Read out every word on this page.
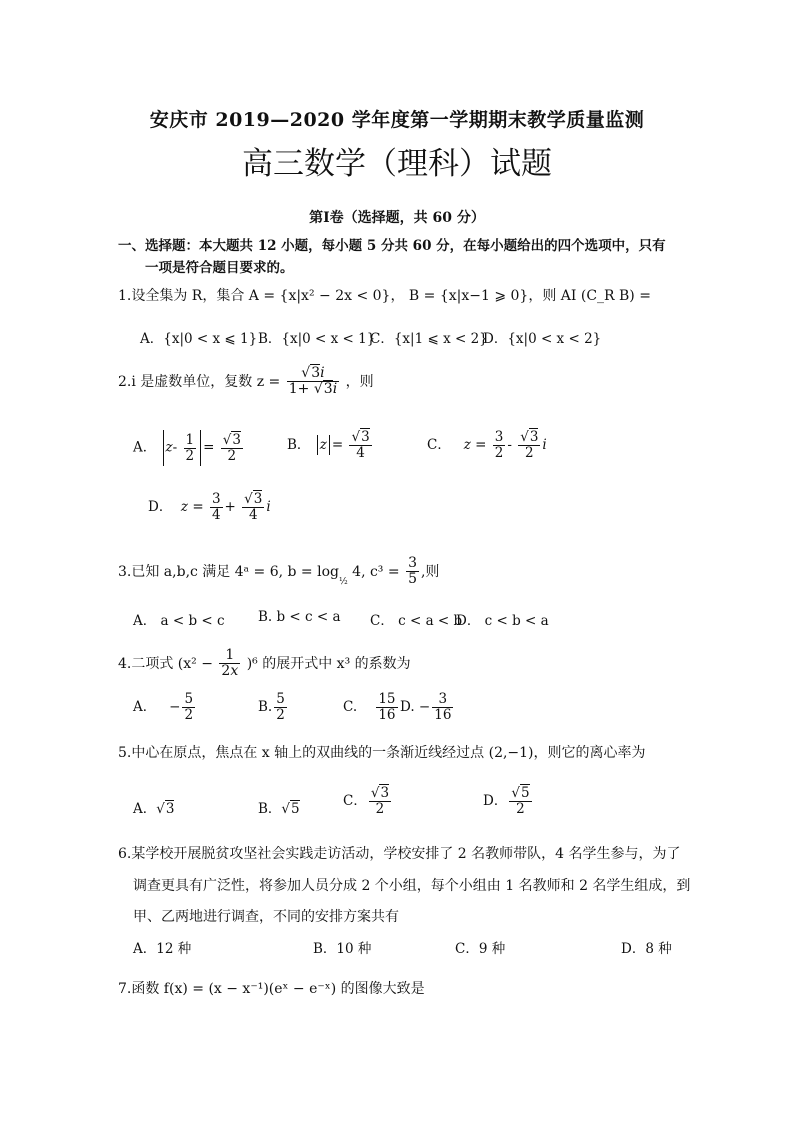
安庆市 2019—2020 学年度第一学期期末教学质量监测
高三数学（理科）试题
第Ⅰ卷（选择题，共 60 分）
一、选择题：本大题共 12 小题，每小题 5 分共 60 分，在每小题给出的四个选项中，只有
一项是符合题目要求的。
1.设全集为 R，集合 A = {x|x² − 2x < 0}， B = {x|x−1 ⩾ 0}，则 AI (C_R B) =
A．{x|0 < x ⩽ 1} B．{x|0 < x < 1}
C．{x|1 ⩽ x < 2}
D．{x|0 < x < 2}
2.i 是虚数单位，复数 $z = \frac{√3i}{1+ √3i}$ ，则
A． $z- \frac{1}{2} = \frac{√3}{2}$	B． $z = \frac{√3}{4}$	C． $z = \frac{3}{2} - \frac{√3}{2}$ i
D． $z = \frac{3}{4} + \frac{√3}{4}$ i
3.已知 a,b,c 满足 4ᵃ = 6, $b = \log_{\frac{1}{2}} 4$, $c^3 = \frac{3}{5}$ ,则
A． a < b < c B. b < c < a C． c < a < b
D． c < b < a
4.二项式 $(x^2 - \frac{1}{2x} )^6$ 的展开式中 x³ 的系数为
A．   − $\frac{5}{2}$	B. $\frac{5}{2}$	C. $\frac{15}{16} D$. − $\frac{3}{16}$
5.中心在原点，焦点在 x 轴上的双曲线的一条渐近线经过点 (2,−1)，则它的离心率为
A．√3	B．√5
C． $\frac{√3}{2}$	D． $\frac{√5}{2}$
6.某学校开展脱贫攻坚社会实践走访活动，学校安排了 2 名教师带队，4 名学生参与，为了
调查更具有广泛性，将参加人员分成 2 个小组，每个小组由 1 名教师和 2 名学生组成，到
甲、乙两地进行调查，不同的安排方案共有
A．12 种	B．10 种	C．9 种	D．8 种
7.函数 f(x) = (x − x⁻¹)(eˣ − e⁻ˣ) 的图像大致是
